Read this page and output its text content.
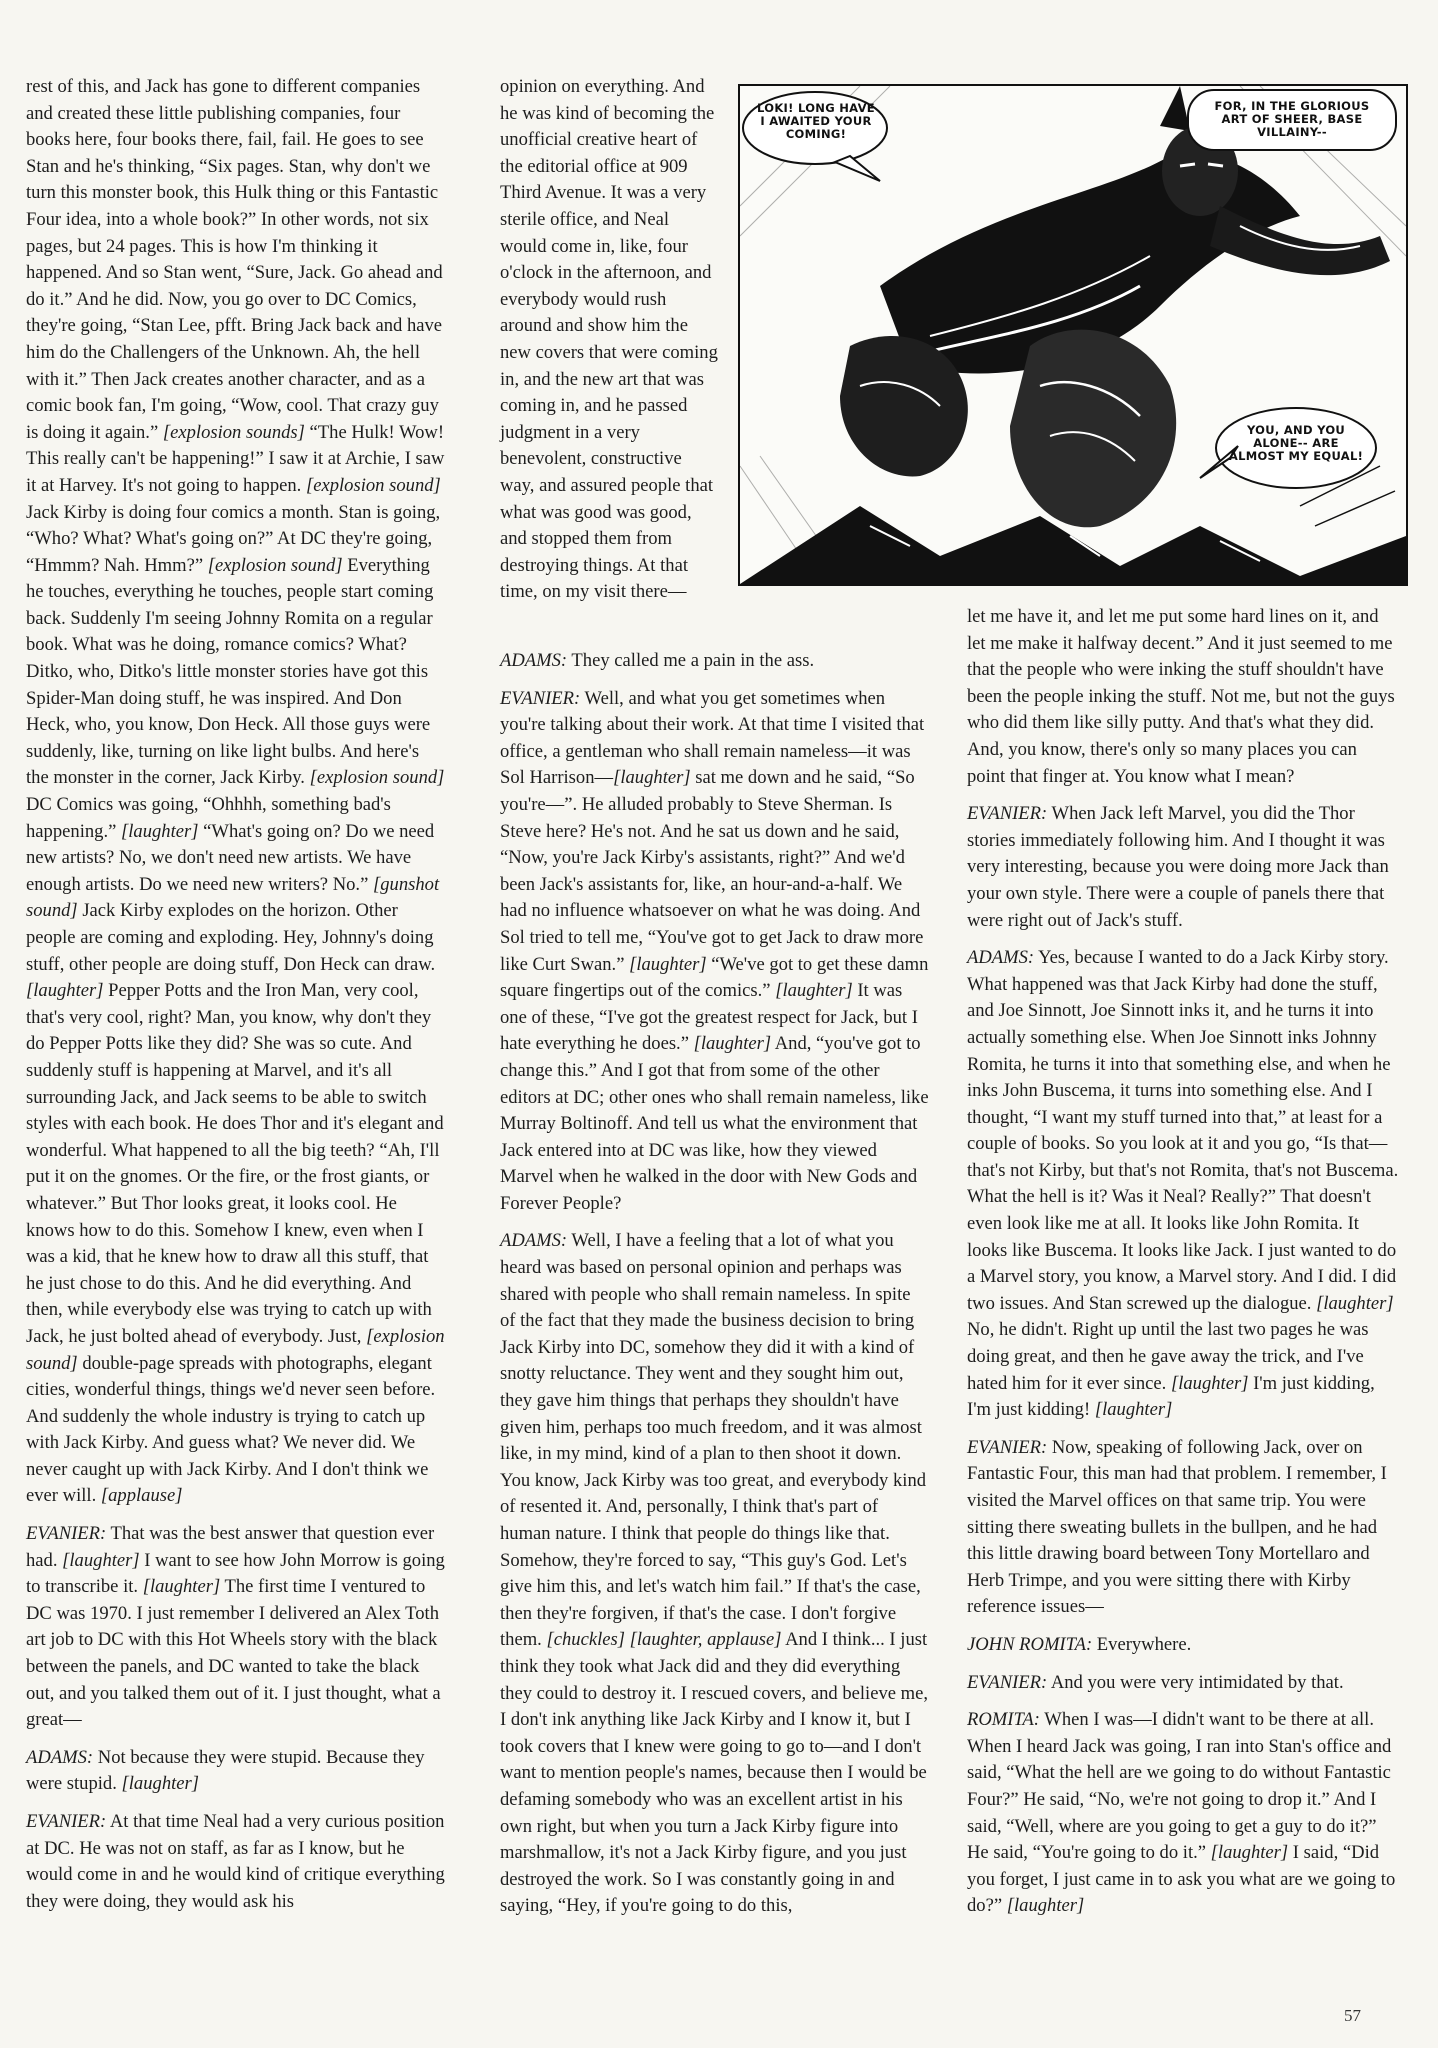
rest of this, and Jack has gone to different companies and created these little publishing companies, four books here, four books there, fail, fail. He goes to see Stan and he's thinking, “Six pages. Stan, why don't we turn this monster book, this Hulk thing or this Fantastic Four idea, into a whole book?” In other words, not six pages, but 24 pages. This is how I'm thinking it happened. And so Stan went, “Sure, Jack. Go ahead and do it.” And he did. Now, you go over to DC Comics, they're going, “Stan Lee, pfft. Bring Jack back and have him do the Challengers of the Unknown. Ah, the hell with it.” Then Jack creates another character, and as a comic book fan, I'm going, “Wow, cool. That crazy guy is doing it again.” [explosion sounds] “The Hulk! Wow! This really can't be happening!” I saw it at Archie, I saw it at Harvey. It's not going to happen. [explosion sound] Jack Kirby is doing four comics a month. Stan is going, “Who? What? What's going on?” At DC they're going, “Hmmm? Nah. Hmm?” [explosion sound] Everything he touches, everything he touches, people start coming back. Suddenly I'm seeing Johnny Romita on a regular book. What was he doing, romance comics? What? Ditko, who, Ditko's little monster stories have got this Spider-Man doing stuff, he was inspired. And Don Heck, who, you know, Don Heck. All those guys were suddenly, like, turning on like light bulbs. And here's the monster in the corner, Jack Kirby. [explosion sound] DC Comics was going, “Ohhhh, something bad's happening.” [laughter] “What's going on? Do we need new artists? No, we don't need new artists. We have enough artists. Do we need new writers? No.” [gunshot sound] Jack Kirby explodes on the horizon. Other people are coming and exploding. Hey, Johnny's doing stuff, other people are doing stuff, Don Heck can draw. [laughter] Pepper Potts and the Iron Man, very cool, that's very cool, right? Man, you know, why don't they do Pepper Potts like they did? She was so cute. And suddenly stuff is happening at Marvel, and it's all surrounding Jack, and Jack seems to be able to switch styles with each book. He does Thor and it's elegant and wonderful. What happened to all the big teeth? “Ah, I'll put it on the gnomes. Or the fire, or the frost giants, or whatever.” But Thor looks great, it looks cool. He knows how to do this. Somehow I knew, even when I was a kid, that he knew how to draw all this stuff, that he just chose to do this. And he did everything. And then, while everybody else was trying to catch up with Jack, he just bolted ahead of everybody. Just, [explosion sound] double-page spreads with photographs, elegant cities, wonderful things, things we'd never seen before. And suddenly the whole industry is trying to catch up with Jack Kirby. And guess what? We never did. We never caught up with Jack Kirby. And I don't think we ever will. [applause]

EVANIER: That was the best answer that question ever had. [laughter] I want to see how John Morrow is going to transcribe it. [laughter] The first time I ventured to DC was 1970. I just remember I delivered an Alex Toth art job to DC with this Hot Wheels story with the black between the panels, and DC wanted to take the black out, and you talked them out of it. I just thought, what a great—

ADAMS: Not because they were stupid. Because they were stupid. [laughter]

EVANIER: At that time Neal had a very curious position at DC. He was not on staff, as far as I know, but he would come in and he would kind of critique everything they were doing, they would ask his

opinion on everything. And he was kind of becoming the unofficial creative heart of the editorial office at 909 Third Avenue. It was a very sterile office, and Neal would come in, like, four o'clock in the afternoon, and everybody would rush around and show him the new covers that were coming in, and the new art that was coming in, and he passed judgment in a very benevolent, constructive way, and assured people that what was good was good, and stopped them from destroying things. At that time, on my visit there—

ADAMS: They called me a pain in the ass.

EVANIER: Well, and what you get sometimes when you're talking about their work. At that time I visited that office, a gentleman who shall remain nameless—it was Sol Harrison—[laughter] sat me down and he said, “So you're—”. He alluded probably to Steve Sherman. Is Steve here? He's not. And he sat us down and he said, “Now, you're Jack Kirby's assistants, right?” And we'd been Jack's assistants for, like, an hour-and-a-half. We had no influence whatsoever on what he was doing. And Sol tried to tell me, “You've got to get Jack to draw more like Curt Swan.” [laughter] “We've got to get these damn square fingertips out of the comics.” [laughter] It was one of these, “I've got the greatest respect for Jack, but I hate everything he does.” [laughter] And, “you've got to change this.” And I got that from some of the other editors at DC; other ones who shall remain nameless, like Murray Boltinoff. And tell us what the environment that Jack entered into at DC was like, how they viewed Marvel when he walked in the door with New Gods and Forever People?

ADAMS: Well, I have a feeling that a lot of what you heard was based on personal opinion and perhaps was shared with people who shall remain nameless. In spite of the fact that they made the business decision to bring Jack Kirby into DC, somehow they did it with a kind of snotty reluctance. They went and they sought him out, they gave him things that perhaps they shouldn't have given him, perhaps too much freedom, and it was almost like, in my mind, kind of a plan to then shoot it down. You know, Jack Kirby was too great, and everybody kind of resented it. And, personally, I think that's part of human nature. I think that people do things like that. Somehow, they're forced to say, “This guy's God. Let's give him this, and let's watch him fail.” If that's the case, then they're forgiven, if that's the case. I don't forgive them. [chuckles] [laughter, applause] And I think... I just think they took what Jack did and they did everything they could to destroy it. I rescued covers, and believe me, I don't ink anything like Jack Kirby and I know it, but I took covers that I knew were going to go to—and I don't want to mention people's names, because then I would be defaming somebody who was an excellent artist in his own right, but when you turn a Jack Kirby figure into marshmallow, it's not a Jack Kirby figure, and you just destroyed the work. So I was constantly going in and saying, “Hey, if you're going to do this,

let me have it, and let me put some hard lines on it, and let me make it halfway decent.” And it just seemed to me that the people who were inking the stuff shouldn't have been the people inking the stuff. Not me, but not the guys who did them like silly putty. And that's what they did. And, you know, there's only so many places you can point that finger at. You know what I mean?

EVANIER: When Jack left Marvel, you did the Thor stories immediately following him. And I thought it was very interesting, because you were doing more Jack than your own style. There were a couple of panels there that were right out of Jack's stuff.

ADAMS: Yes, because I wanted to do a Jack Kirby story. What happened was that Jack Kirby had done the stuff, and Joe Sinnott, Joe Sinnott inks it, and he turns it into actually something else. When Joe Sinnott inks Johnny Romita, he turns it into that something else, and when he inks John Buscema, it turns into something else. And I thought, “I want my stuff turned into that,” at least for a couple of books. So you look at it and you go, “Is that—that's not Kirby, but that's not Romita, that's not Buscema. What the hell is it? Was it Neal? Really?” That doesn't even look like me at all. It looks like John Romita. It looks like Buscema. It looks like Jack. I just wanted to do a Marvel story, you know, a Marvel story. And I did. I did two issues. And Stan screwed up the dialogue. [laughter] No, he didn't. Right up until the last two pages he was doing great, and then he gave away the trick, and I've hated him for it ever since. [laughter] I'm just kidding, I'm just kidding! [laughter]

EVANIER: Now, speaking of following Jack, over on Fantastic Four, this man had that problem. I remember, I visited the Marvel offices on that same trip. You were sitting there sweating bullets in the bullpen, and he had this little drawing board between Tony Mortellaro and Herb Trimpe, and you were sitting there with Kirby reference issues—

JOHN ROMITA: Everywhere.

EVANIER: And you were very intimidated by that.

ROMITA: When I was—I didn't want to be there at all. When I heard Jack was going, I ran into Stan's office and said, “What the hell are we going to do without Fantastic Four?” He said, “No, we're not going to drop it.” And I said, “Well, where are you going to get a guy to do it?” He said, “You're going to do it.” [laughter] I said, “Did you forget, I just came in to ask you what are we going to do?” [laughter]

LOKI! LONG HAVE I AWAITED YOUR COMING!
FOR, IN THE GLORIOUS ART OF SHEER, BASE VILLAINY--
YOU, AND YOU ALONE-- ARE ALMOST MY EQUAL!
57
